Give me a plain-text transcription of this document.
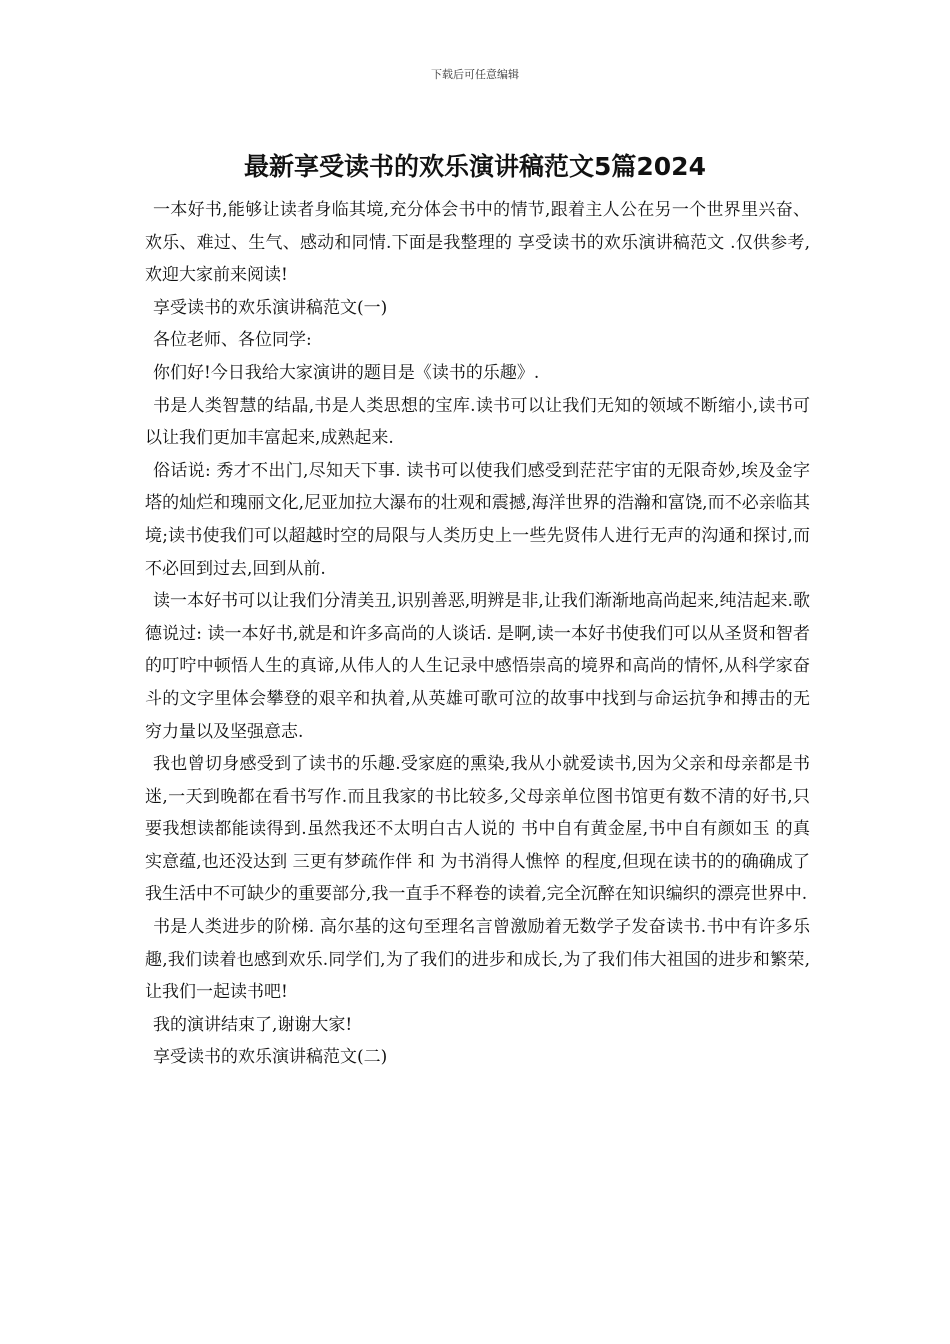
下载后可任意编辑
最新享受读书的欢乐演讲稿范文5篇2024

一本好书,能够让读者身临其境,充分体会书中的情节,跟着主人公在另一个世界里兴奋、欢乐、难过、生气、感动和同情.下面是我整理的 享受读书的欢乐演讲稿范文 .仅供参考,欢迎大家前来阅读!

享受读书的欢乐演讲稿范文(一)

各位老师、各位同学:

你们好!今日我给大家演讲的题目是《读书的乐趣》.

书是人类智慧的结晶,书是人类思想的宝库.读书可以让我们无知的领域不断缩小,读书可以让我们更加丰富起来,成熟起来.

俗话说: 秀才不出门,尽知天下事. 读书可以使我们感受到茫茫宇宙的无限奇妙,埃及金字塔的灿烂和瑰丽文化,尼亚加拉大瀑布的壮观和震撼,海洋世界的浩瀚和富饶,而不必亲临其境;读书使我们可以超越时空的局限与人类历史上一些先贤伟人进行无声的沟通和探讨,而不必回到过去,回到从前.

读一本好书可以让我们分清美丑,识别善恶,明辨是非,让我们渐渐地高尚起来,纯洁起来.歌德说过: 读一本好书,就是和许多高尚的人谈话. 是啊,读一本好书使我们可以从圣贤和智者的叮咛中顿悟人生的真谛,从伟人的人生记录中感悟崇高的境界和高尚的情怀,从科学家奋斗的文字里体会攀登的艰辛和执着,从英雄可歌可泣的故事中找到与命运抗争和搏击的无穷力量以及坚强意志.

我也曾切身感受到了读书的乐趣.受家庭的熏染,我从小就爱读书,因为父亲和母亲都是书迷,一天到晚都在看书写作.而且我家的书比较多,父母亲单位图书馆更有数不清的好书,只要我想读都能读得到.虽然我还不太明白古人说的 书中自有黄金屋,书中自有颜如玉 的真实意蕴,也还没达到 三更有梦疏作伴 和 为书消得人憔悴 的程度,但现在读书的的确确成了我生活中不可缺少的重要部分,我一直手不释卷的读着,完全沉醉在知识编织的漂亮世界中.

书是人类进步的阶梯. 高尔基的这句至理名言曾激励着无数学子发奋读书.书中有许多乐趣,我们读着也感到欢乐.同学们,为了我们的进步和成长,为了我们伟大祖国的进步和繁荣,让我们一起读书吧!

我的演讲结束了,谢谢大家!

享受读书的欢乐演讲稿范文(二)
